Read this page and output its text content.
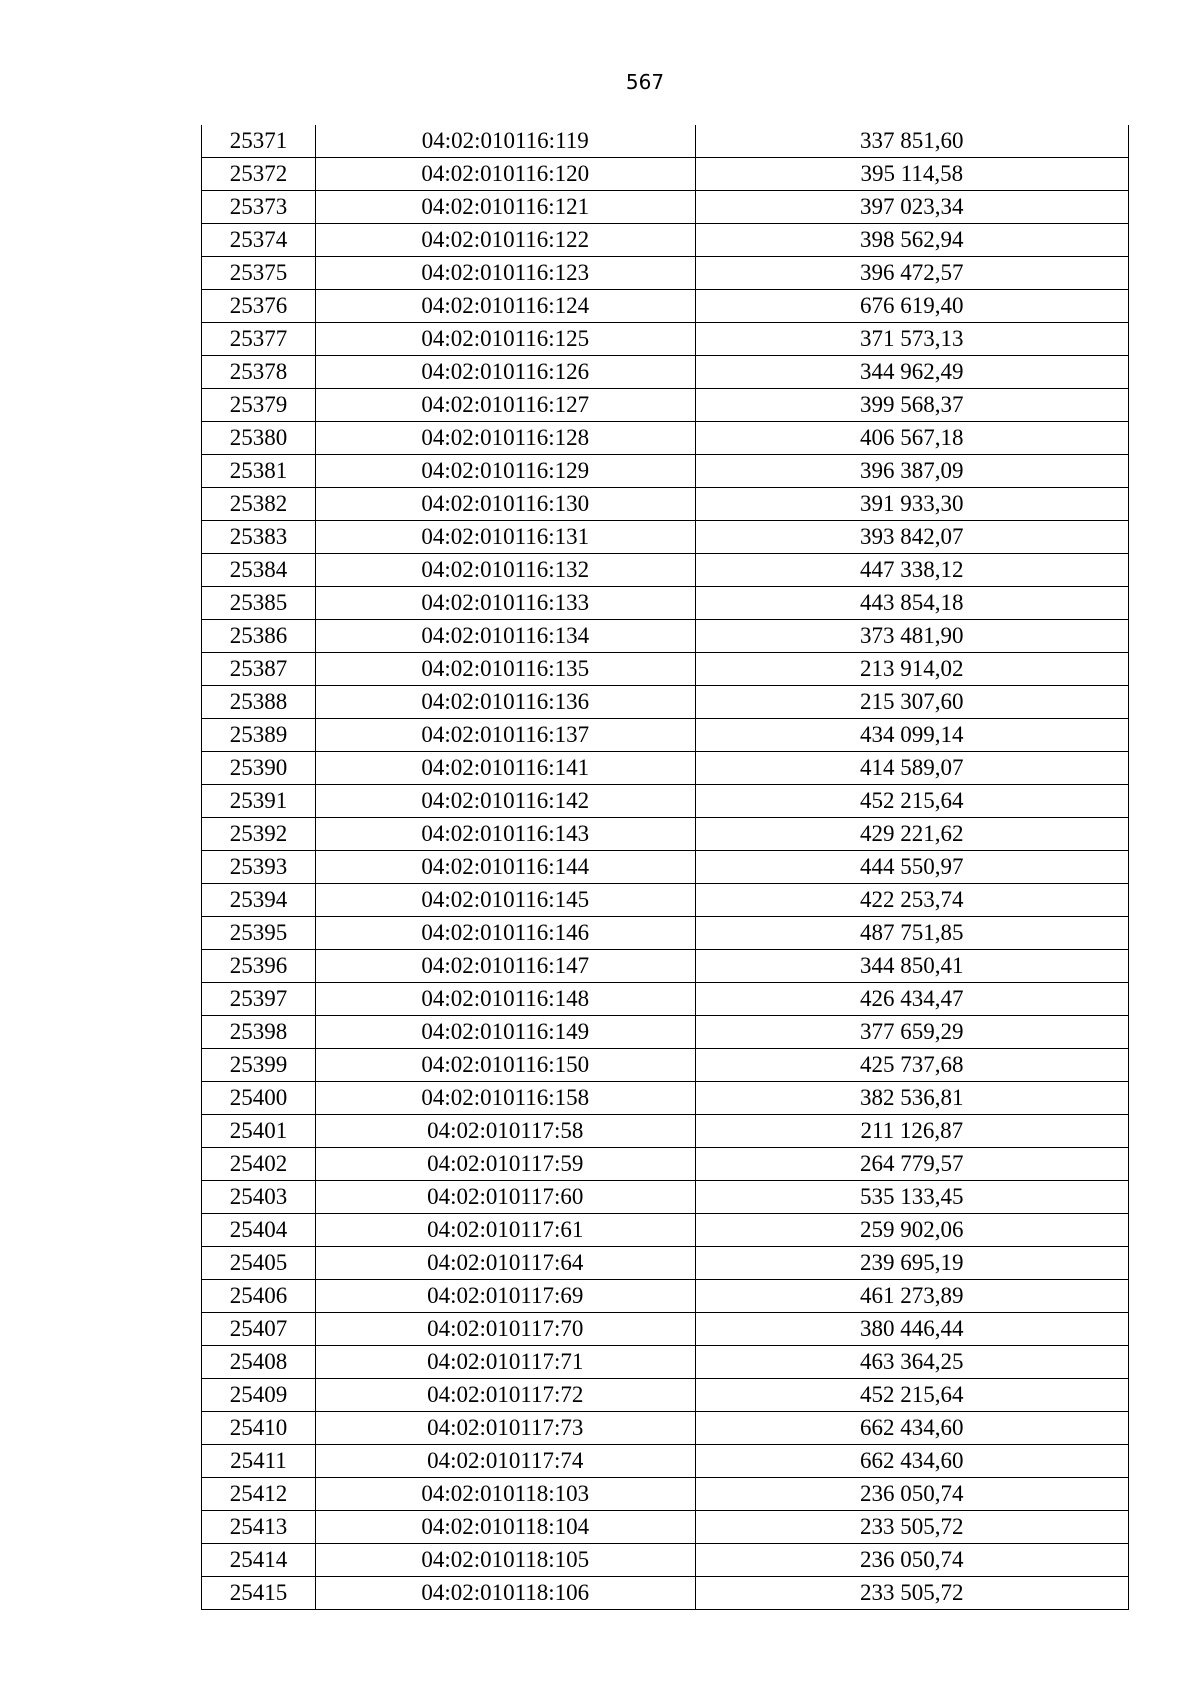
567
25371	04:02:010116:119	337 851,60
25372	04:02:010116:120	395 114,58
25373	04:02:010116:121	397 023,34
25374	04:02:010116:122	398 562,94
25375	04:02:010116:123	396 472,57
25376	04:02:010116:124	676 619,40
25377	04:02:010116:125	371 573,13
25378	04:02:010116:126	344 962,49
25379	04:02:010116:127	399 568,37
25380	04:02:010116:128	406 567,18
25381	04:02:010116:129	396 387,09
25382	04:02:010116:130	391 933,30
25383	04:02:010116:131	393 842,07
25384	04:02:010116:132	447 338,12
25385	04:02:010116:133	443 854,18
25386	04:02:010116:134	373 481,90
25387	04:02:010116:135	213 914,02
25388	04:02:010116:136	215 307,60
25389	04:02:010116:137	434 099,14
25390	04:02:010116:141	414 589,07
25391	04:02:010116:142	452 215,64
25392	04:02:010116:143	429 221,62
25393	04:02:010116:144	444 550,97
25394	04:02:010116:145	422 253,74
25395	04:02:010116:146	487 751,85
25396	04:02:010116:147	344 850,41
25397	04:02:010116:148	426 434,47
25398	04:02:010116:149	377 659,29
25399	04:02:010116:150	425 737,68
25400	04:02:010116:158	382 536,81
25401	04:02:010117:58	211 126,87
25402	04:02:010117:59	264 779,57
25403	04:02:010117:60	535 133,45
25404	04:02:010117:61	259 902,06
25405	04:02:010117:64	239 695,19
25406	04:02:010117:69	461 273,89
25407	04:02:010117:70	380 446,44
25408	04:02:010117:71	463 364,25
25409	04:02:010117:72	452 215,64
25410	04:02:010117:73	662 434,60
25411	04:02:010117:74	662 434,60
25412	04:02:010118:103	236 050,74
25413	04:02:010118:104	233 505,72
25414	04:02:010118:105	236 050,74
25415	04:02:010118:106	233 505,72
